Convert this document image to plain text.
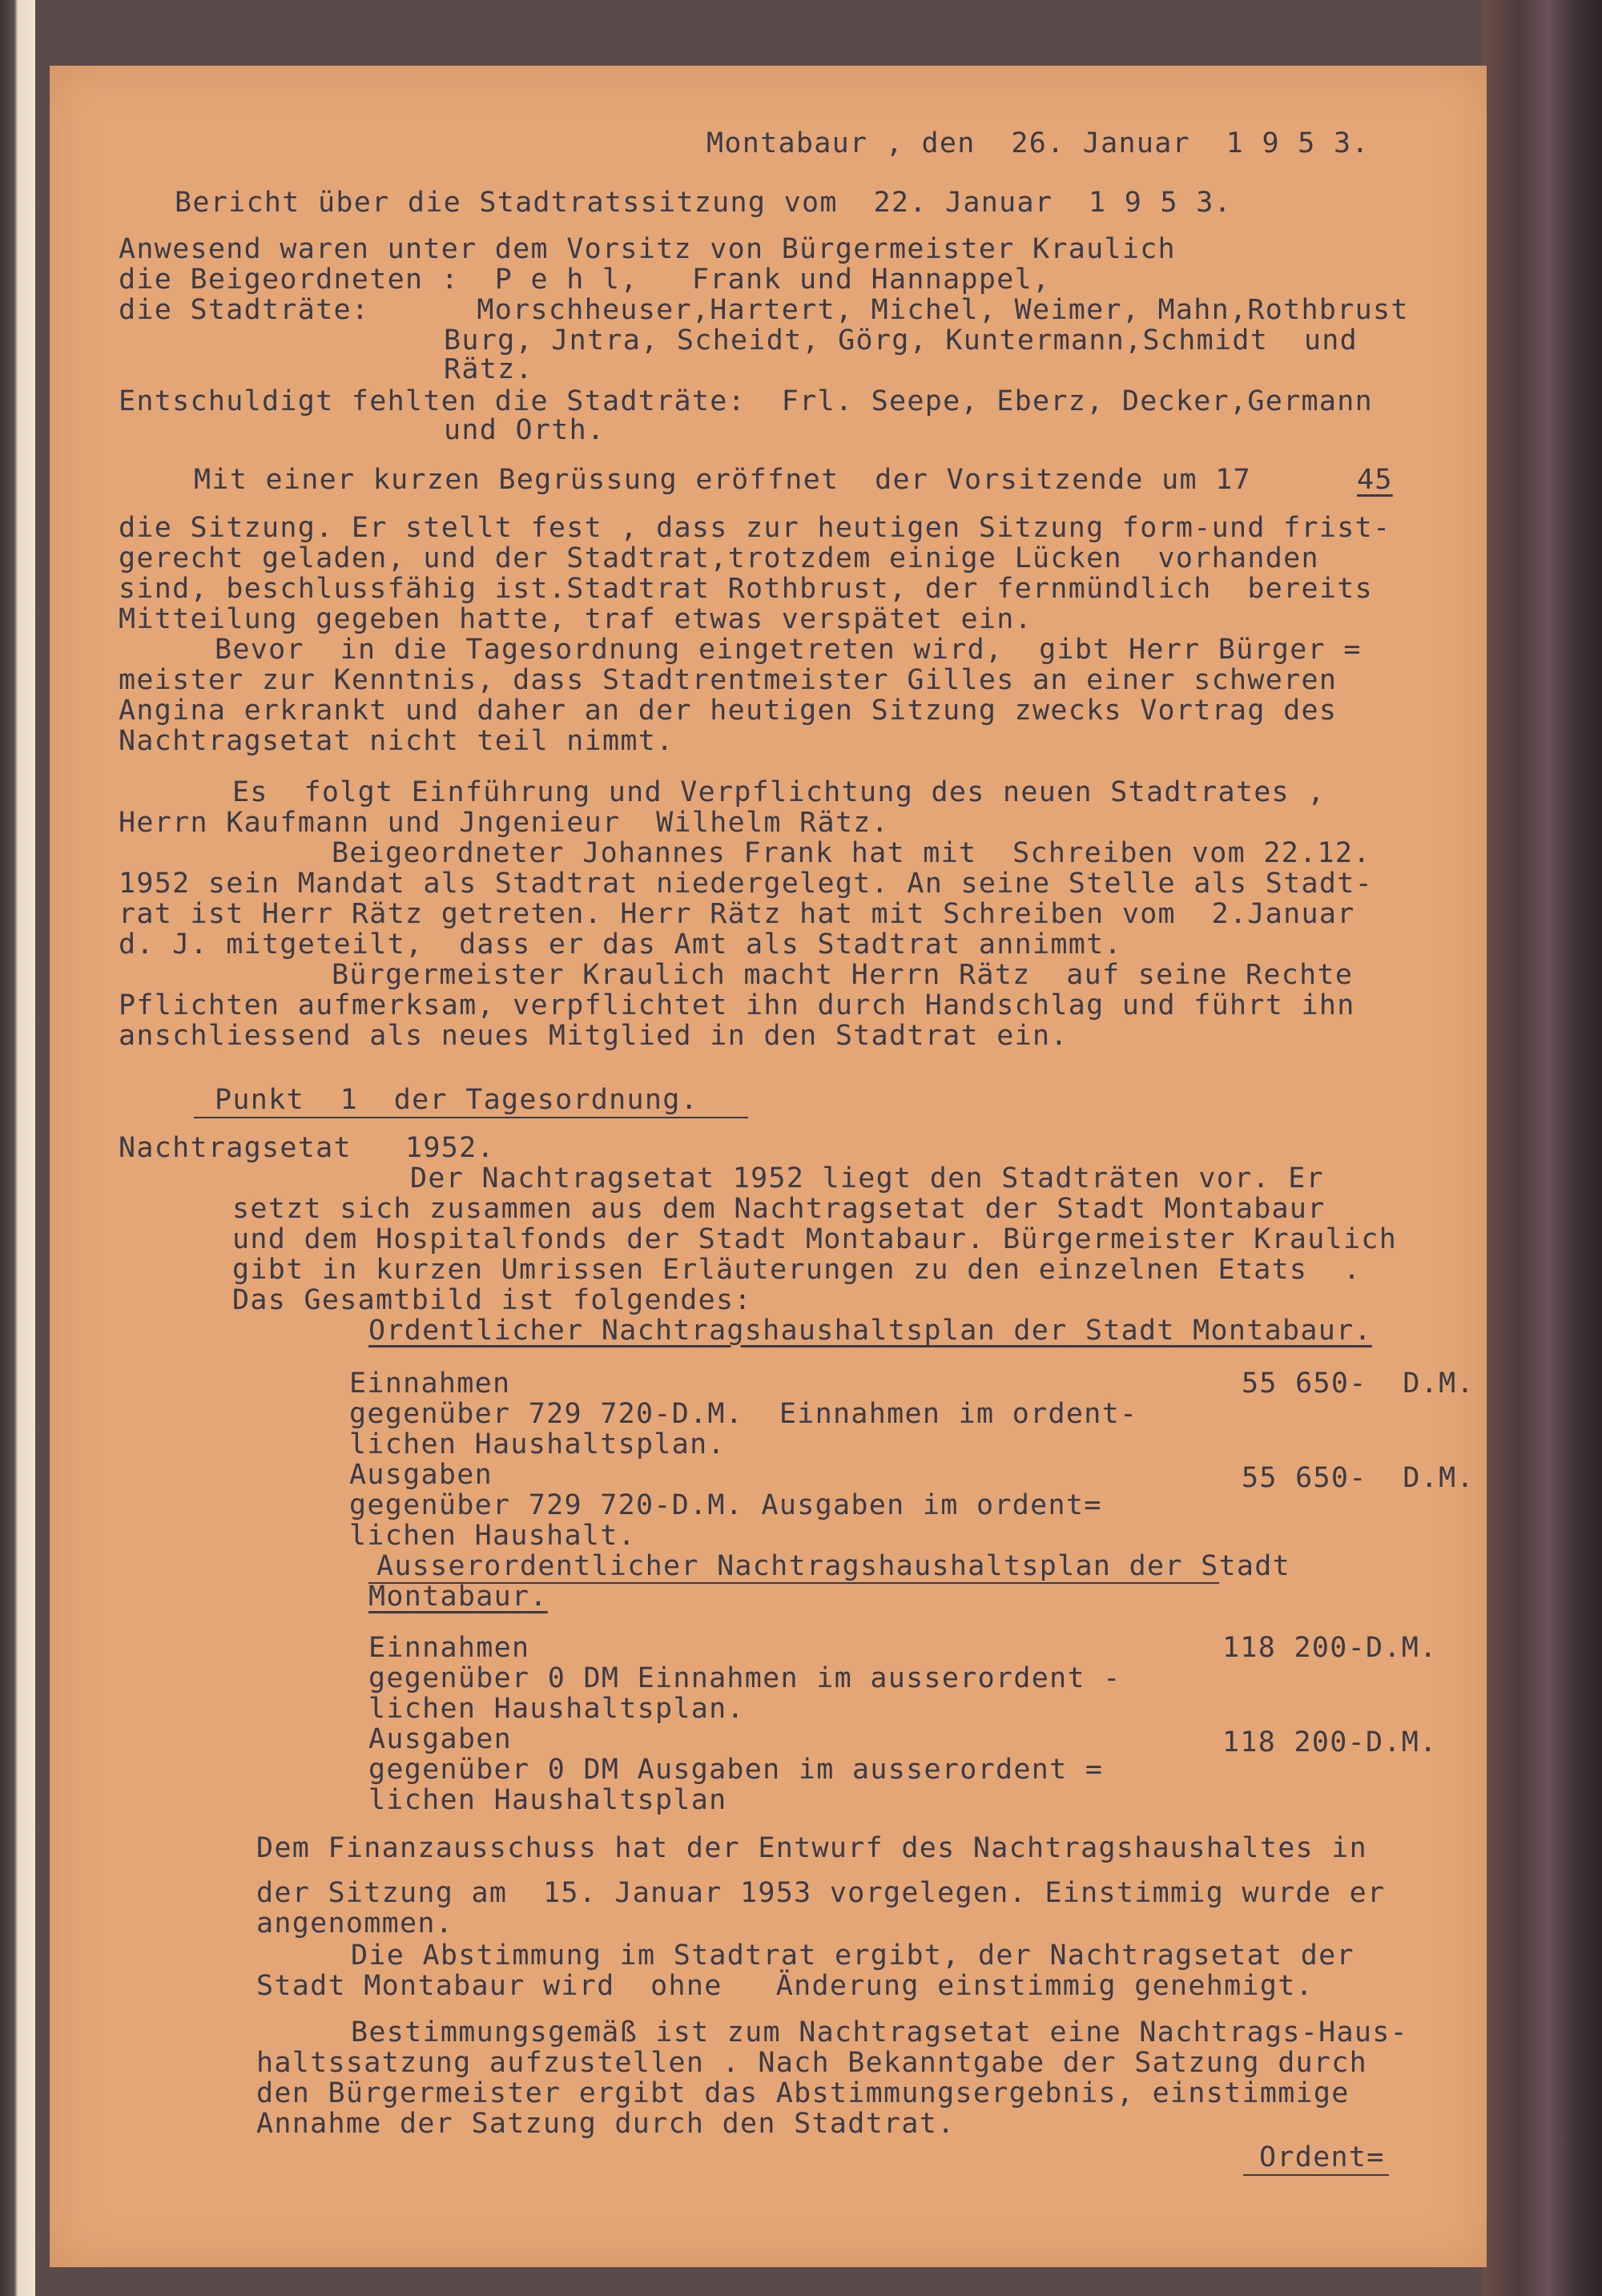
Montabaur , den  26. Januar  1 9 5 3.
Bericht über die Stadtratssitzung vom  22. Januar  1 9 5 3.
Anwesend waren unter dem Vorsitz von Bürgermeister Kraulich
die Beigeordneten :  P e h l,   Frank und Hannappel,
die Stadträte:      Morschheuser,Hartert, Michel, Weimer, Mahn,Rothbrust
Burg, Jntra, Scheidt, Görg, Kuntermann,Schmidt  und
Rätz.
Entschuldigt fehlten die Stadträte:  Frl. Seepe, Eberz, Decker,Germann
und Orth.
Mit einer kurzen Begrüssung eröffnet  der Vorsitzende um 17	45
die Sitzung. Er stellt fest , dass zur heutigen Sitzung form-und frist-
gerecht geladen, und der Stadtrat,trotzdem einige Lücken  vorhanden
sind, beschlussfähig ist.Stadtrat Rothbrust, der fernmündlich  bereits
Mitteilung gegeben hatte, traf etwas verspätet ein.
Bevor  in die Tagesordnung eingetreten wird,  gibt Herr Bürger =
meister zur Kenntnis, dass Stadtrentmeister Gilles an einer schweren
Angina erkrankt und daher an der heutigen Sitzung zwecks Vortrag des
Nachtragsetat nicht teil nimmt.
Es  folgt Einführung und Verpflichtung des neuen Stadtrates ,
Herrn Kaufmann und Jngenieur  Wilhelm Rätz.
Beigeordneter Johannes Frank hat mit  Schreiben vom 22.12.
1952 sein Mandat als Stadtrat niedergelegt. An seine Stelle als Stadt-
rat ist Herr Rätz getreten. Herr Rätz hat mit Schreiben vom  2.Januar
d. J. mitgeteilt,  dass er das Amt als Stadtrat annimmt.
Bürgermeister Kraulich macht Herrn Rätz  auf seine Rechte
Pflichten aufmerksam, verpflichtet ihn durch Handschlag und führt ihn
anschliessend als neues Mitglied in den Stadtrat ein.
Punkt  1  der Tagesordnung.
Nachtragsetat   1952.
Der Nachtragsetat 1952 liegt den Stadträten vor. Er
setzt sich zusammen aus dem Nachtragsetat der Stadt Montabaur
und dem Hospitalfonds der Stadt Montabaur. Bürgermeister Kraulich
gibt in kurzen Umrissen Erläuterungen zu den einzelnen Etats  .
Das Gesamtbild ist folgendes:
Ordentlicher Nachtragshaushaltsplan der Stadt Montabaur.
Einnahmen	55 650-  D.M.
gegenüber 729 720-D.M.  Einnahmen im ordent-
lichen Haushaltsplan.
Ausgaben	55 650-  D.M.
gegenüber 729 720-D.M. Ausgaben im ordent=
lichen Haushalt.
Ausserordentlicher Nachtragshaushaltsplan der Stadt
Montabaur.
Einnahmen	118 200-D.M.
gegenüber 0 DM Einnahmen im ausserordent -
lichen Haushaltsplan.
Ausgaben	118 200-D.M.
gegenüber 0 DM Ausgaben im ausserordent =
lichen Haushaltsplan
Dem Finanzausschuss hat der Entwurf des Nachtragshaushaltes in
der Sitzung am  15. Januar 1953 vorgelegen. Einstimmig wurde er
angenommen.
Die Abstimmung im Stadtrat ergibt, der Nachtragsetat der
Stadt Montabaur wird  ohne   Änderung einstimmig genehmigt.
Bestimmungsgemäß ist zum Nachtragsetat eine Nachtrags-Haus-
haltssatzung aufzustellen . Nach Bekanntgabe der Satzung durch
den Bürgermeister ergibt das Abstimmungsergebnis, einstimmige
Annahme der Satzung durch den Stadtrat.
Ordent=
